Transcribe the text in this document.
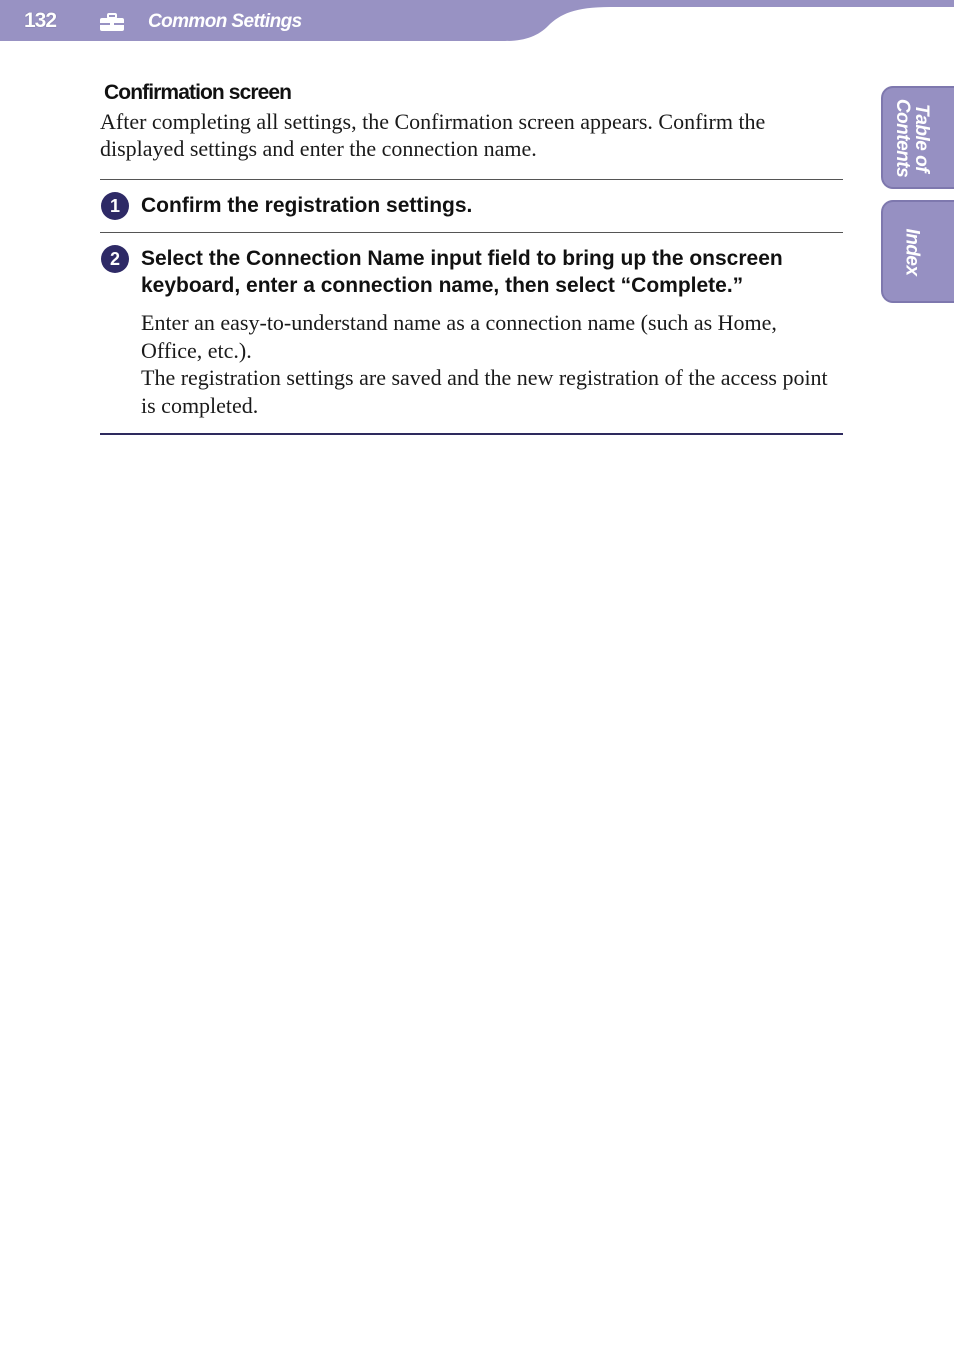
132	Common Settings
Table of
Contents
Index
Confirmation screen

After completing all settings, the Confirmation screen appears. Confirm the displayed settings and enter the connection name.

1	Confirm the registration settings.

2	Select the Connection Name input field to bring up the onscreen keyboard, enter a connection name, then select “Complete.”

Enter an easy-to-understand name as a connection name (such as Home, Office, etc.).

The registration settings are saved and the new registration of the access point is completed.
